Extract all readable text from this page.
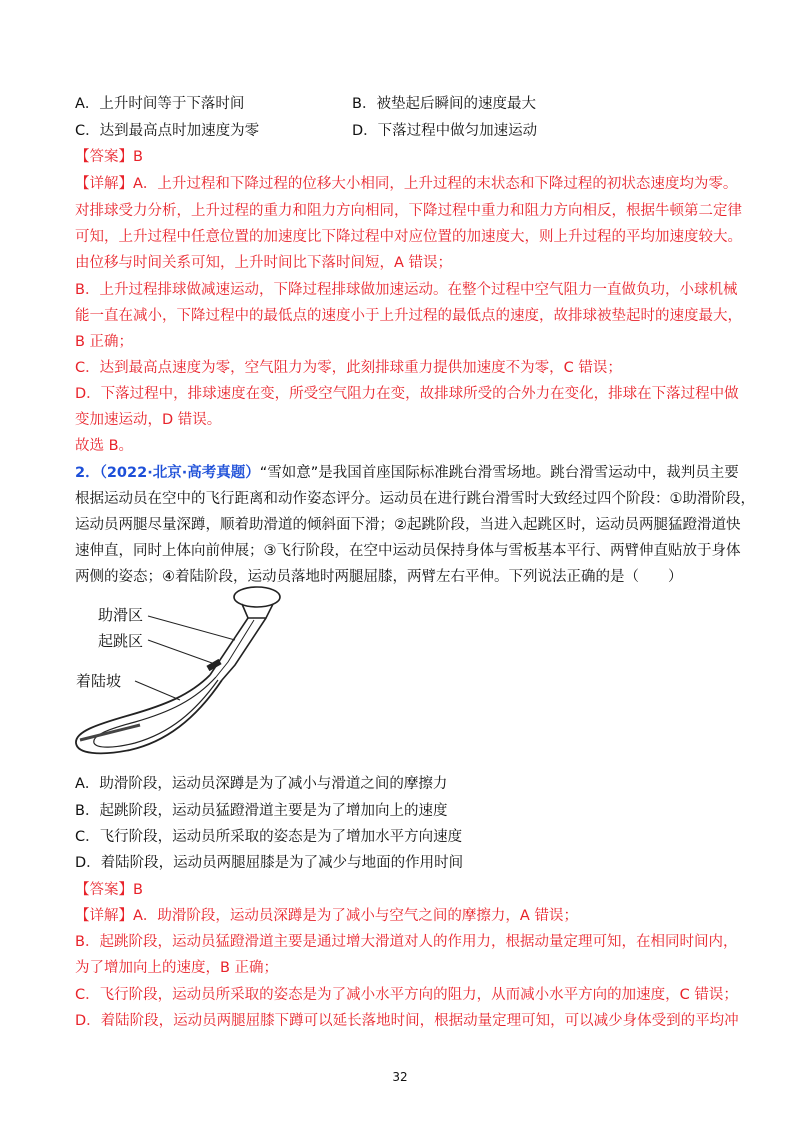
A．上升时间等于下落时间	B．被垫起后瞬间的速度最大
C．达到最高点时加速度为零	D．下落过程中做匀加速运动
【答案】B
【详解】A．上升过程和下降过程的位移大小相同，上升过程的末状态和下降过程的初状态速度均为零。
对排球受力分析，上升过程的重力和阻力方向相同，下降过程中重力和阻力方向相反，根据牛顿第二定律
可知，上升过程中任意位置的加速度比下降过程中对应位置的加速度大，则上升过程的平均加速度较大。
由位移与时间关系可知，上升时间比下落时间短，A 错误；
B．上升过程排球做减速运动，下降过程排球做加速运动。在整个过程中空气阻力一直做负功，小球机械
能一直在减小，下降过程中的最低点的速度小于上升过程的最低点的速度，故排球被垫起时的速度最大，
B 正确；
C．达到最高点速度为零，空气阻力为零，此刻排球重力提供加速度不为零，C 错误；
D．下落过程中，排球速度在变，所受空气阻力在变，故排球所受的合外力在变化，排球在下落过程中做
变加速运动，D 错误。
故选 B。
2．（2022·北京·高考真题）“雪如意”是我国首座国际标准跳台滑雪场地。跳台滑雪运动中，裁判员主要
根据运动员在空中的飞行距离和动作姿态评分。运动员在进行跳台滑雪时大致经过四个阶段：①助滑阶段，
运动员两腿尽量深蹲，顺着助滑道的倾斜面下滑；②起跳阶段，当进入起跳区时，运动员两腿猛蹬滑道快
速伸直，同时上体向前伸展；③飞行阶段，在空中运动员保持身体与雪板基本平行、两臂伸直贴放于身体
两侧的姿态；④着陆阶段，运动员落地时两腿屈膝，两臂左右平伸。下列说法正确的是（　　）
助滑区
起跳区
着陆坡
A．助滑阶段，运动员深蹲是为了减小与滑道之间的摩擦力
B．起跳阶段，运动员猛蹬滑道主要是为了增加向上的速度
C．飞行阶段，运动员所采取的姿态是为了增加水平方向速度
D．着陆阶段，运动员两腿屈膝是为了减少与地面的作用时间
【答案】B
【详解】A．助滑阶段，运动员深蹲是为了减小与空气之间的摩擦力，A 错误；
B．起跳阶段，运动员猛蹬滑道主要是通过增大滑道对人的作用力，根据动量定理可知，在相同时间内，
为了增加向上的速度，B 正确；
C．飞行阶段，运动员所采取的姿态是为了减小水平方向的阻力，从而减小水平方向的加速度，C 错误；
D．着陆阶段，运动员两腿屈膝下蹲可以延长落地时间，根据动量定理可知，可以减少身体受到的平均冲
32
